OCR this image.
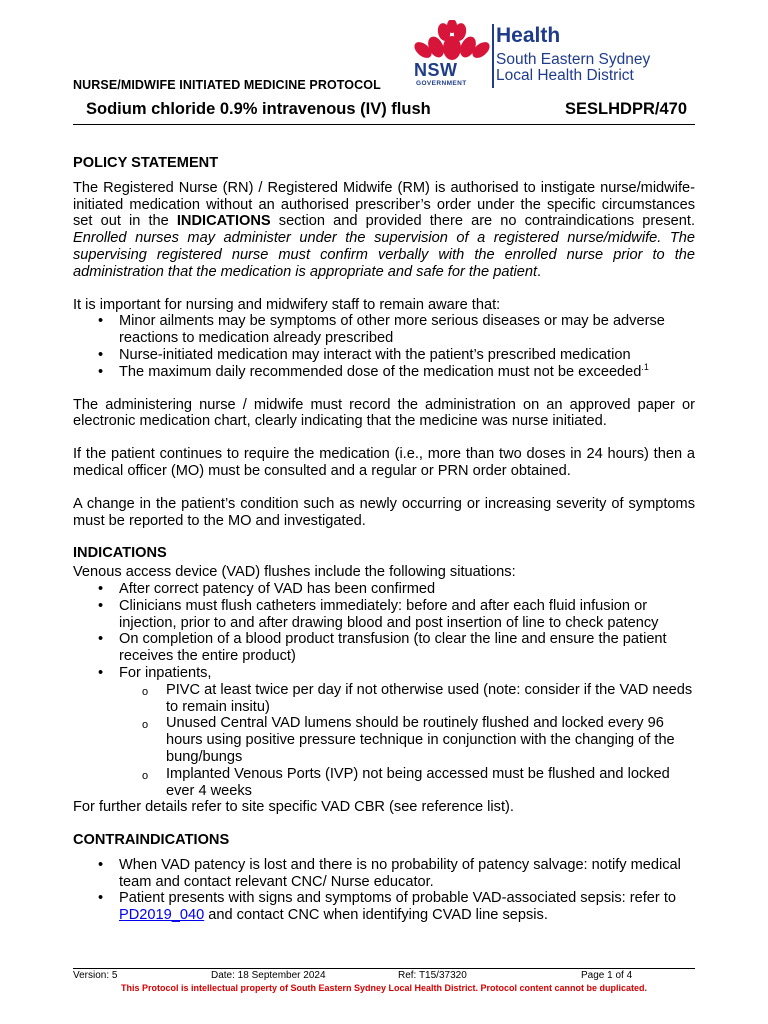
NSW
GOVERNMENT
Health
South Eastern Sydney
Local Health District
NURSE/MIDWIFE INITIATED MEDICINE PROTOCOL
Sodium chloride 0.9% intravenous (IV) flush	SESLHDPR/470
POLICY STATEMENT

The Registered Nurse (RN) / Registered Midwife (RM) is authorised to instigate nurse/midwife-initiated medication without an authorised prescriber’s order under the specific circumstances set out in the INDICATIONS section and provided there are no contraindications present. Enrolled nurses may administer under the supervision of a registered nurse/midwife. The supervising registered nurse must confirm verbally with the enrolled nurse prior to the administration that the medication is appropriate and safe for the patient.

It is important for nursing and midwifery staff to remain aware that:

• Minor ailments may be symptoms of other more serious diseases or may be adverse reactions to medication already prescribed
• Nurse-initiated medication may interact with the patient’s prescribed medication
• The maximum daily recommended dose of the medication must not be exceeded$^{.1}$

The administering nurse / midwife must record the administration on an approved paper or electronic medication chart, clearly indicating that the medicine was nurse initiated.

If the patient continues to require the medication (i.e., more than two doses in 24 hours) then a medical officer (MO) must be consulted and a regular or PRN order obtained.

A change in the patient’s condition such as newly occurring or increasing severity of symptoms must be reported to the MO and investigated.

INDICATIONS

Venous access device (VAD) flushes include the following situations:

• After correct patency of VAD has been confirmed
• Clinicians must flush catheters immediately: before and after each fluid infusion or injection, prior to and after drawing blood and post insertion of line to check patency
• On completion of a blood product transfusion (to clear the line and ensure the patient receives the entire product)
• For inpatients,
o PIVC at least twice per day if not otherwise used (note: consider if the VAD needs to remain insitu)
o Unused Central VAD lumens should be routinely flushed and locked every 96 hours using positive pressure technique in conjunction with the changing of the bung/bungs
o Implanted Venous Ports (IVP) not being accessed must be flushed and locked ever 4 weeks

For further details refer to site specific VAD CBR (see reference list).

CONTRAINDICATIONS
• When VAD patency is lost and there is no probability of patency salvage: notify medical team and contact relevant CNC/ Nurse educator.
• Patient presents with signs and symptoms of probable VAD-associated sepsis: refer to PD2019_040 and contact CNC when identifying CVAD line sepsis.
Version: 5	Date: 18 September 2024	Ref: T15/37320	Page 1 of 4
This Protocol is intellectual property of South Eastern Sydney Local Health District. Protocol content cannot be duplicated.
